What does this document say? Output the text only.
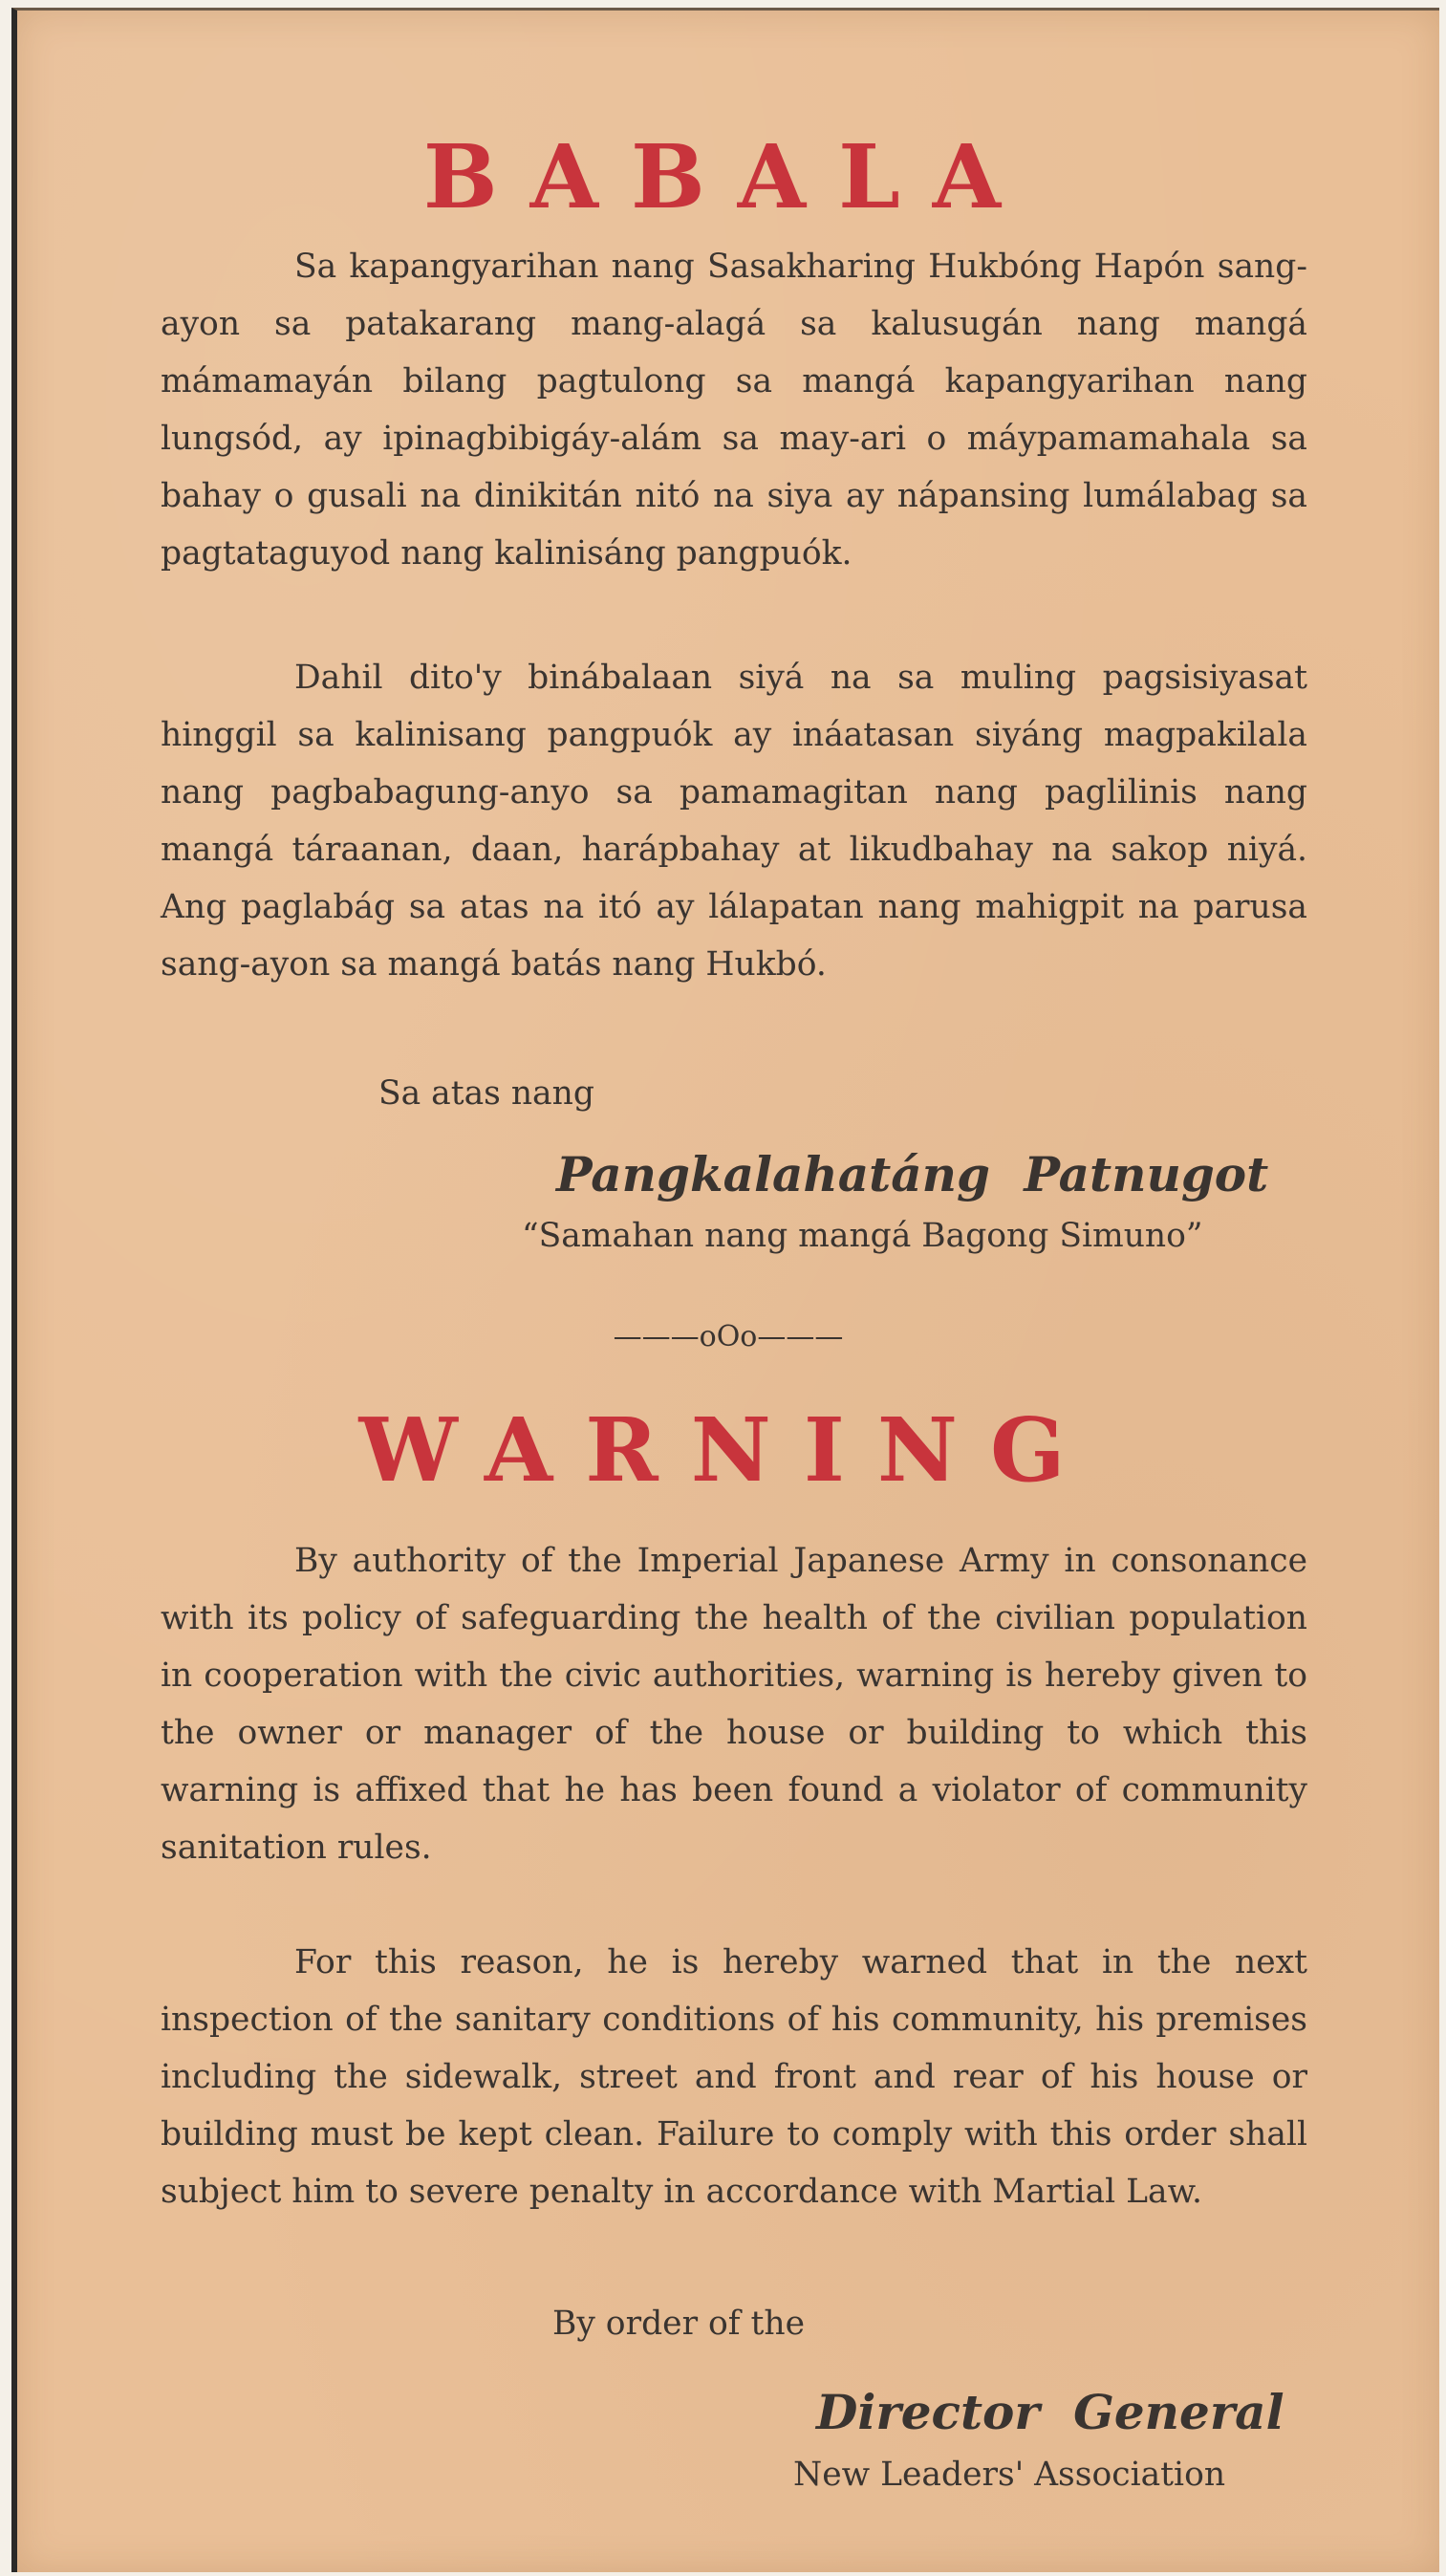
BABALA

Sa kapangyarihan nang Sasakharing Hukbóng Hapón sang-ayon sa patakarang mang-alagá sa kalusugán nang mangá mámamayán bilang pagtulong sa mangá kapangyarihan nang lungsód, ay ipinagbibigáy-alám sa may-ari o máypamamahala sa bahay o gusali na dinikitán nitó na siya ay nápansing lumálabag sa pagtataguyod nang kalinisáng pangpuók.

Dahil dito'y binábalaan siyá na sa muling pagsisiyasat hinggil sa kalinisang pangpuók ay ináatasan siyáng magpakilala nang pagbabagung-anyo sa pamamagitan nang paglilinis nang mangá táraanan, daan, harápbahay at likudbahay na sakop niyá. Ang paglabág sa atas na itó ay lálapatan nang mahigpit na parusa sang-ayon sa mangá batás nang Hukbó.

Sa atas nang

Pangkalahatáng Patnugot

“Samahan nang mangá Bagong Simuno”

———oOo———

WARNING

By authority of the Imperial Japanese Army in consonance with its policy of safeguarding the health of the civilian population in cooperation with the civic authorities, warning is hereby given to the owner or manager of the house or building to which this warning is affixed that he has been found a violator of community sanitation rules.

For this reason, he is hereby warned that in the next inspection of the sanitary conditions of his community, his premises including the sidewalk, street and front and rear of his house or building must be kept clean. Failure to comply with this order shall subject him to severe penalty in accordance with Martial Law.

By order of the

Director General

New Leaders' Association
